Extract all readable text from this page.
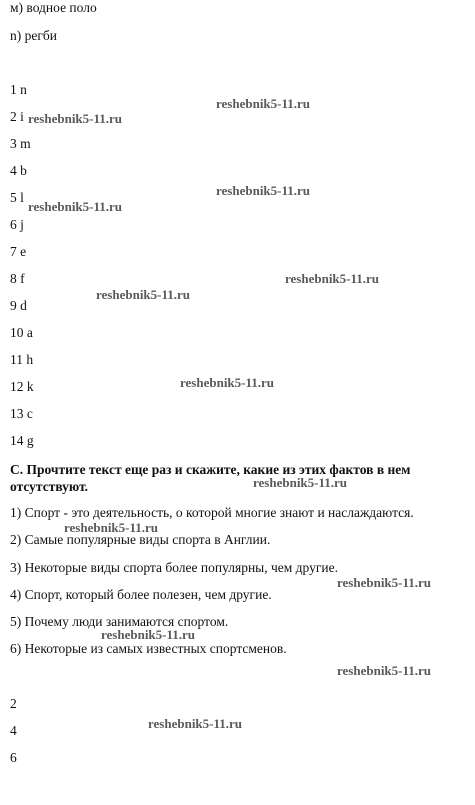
м) водное поло
n) регби
1 n
2 i
3 m
4 b
5 l
6 j
7 e
8 f
9 d
10 a
11 h
12 k
13 c
14 g
C. Прочтите текст еще раз и скажите, какие из этих фактов в нем отсутствуют.
1) Спорт - это деятельность, о которой многие знают и наслаждаются.
2) Самые популярные виды спорта в Англии.
3) Некоторые виды спорта более популярны, чем другие.
4) Спорт, который более полезен, чем другие.
5) Почему люди занимаются спортом.
6) Некоторые из самых известных спортсменов.
2
4
6
reshebnik5-11.ru
reshebnik5-11.ru
reshebnik5-11.ru
reshebnik5-11.ru
reshebnik5-11.ru
reshebnik5-11.ru
reshebnik5-11.ru
reshebnik5-11.ru
reshebnik5-11.ru
reshebnik5-11.ru
reshebnik5-11.ru
reshebnik5-11.ru
reshebnik5-11.ru
